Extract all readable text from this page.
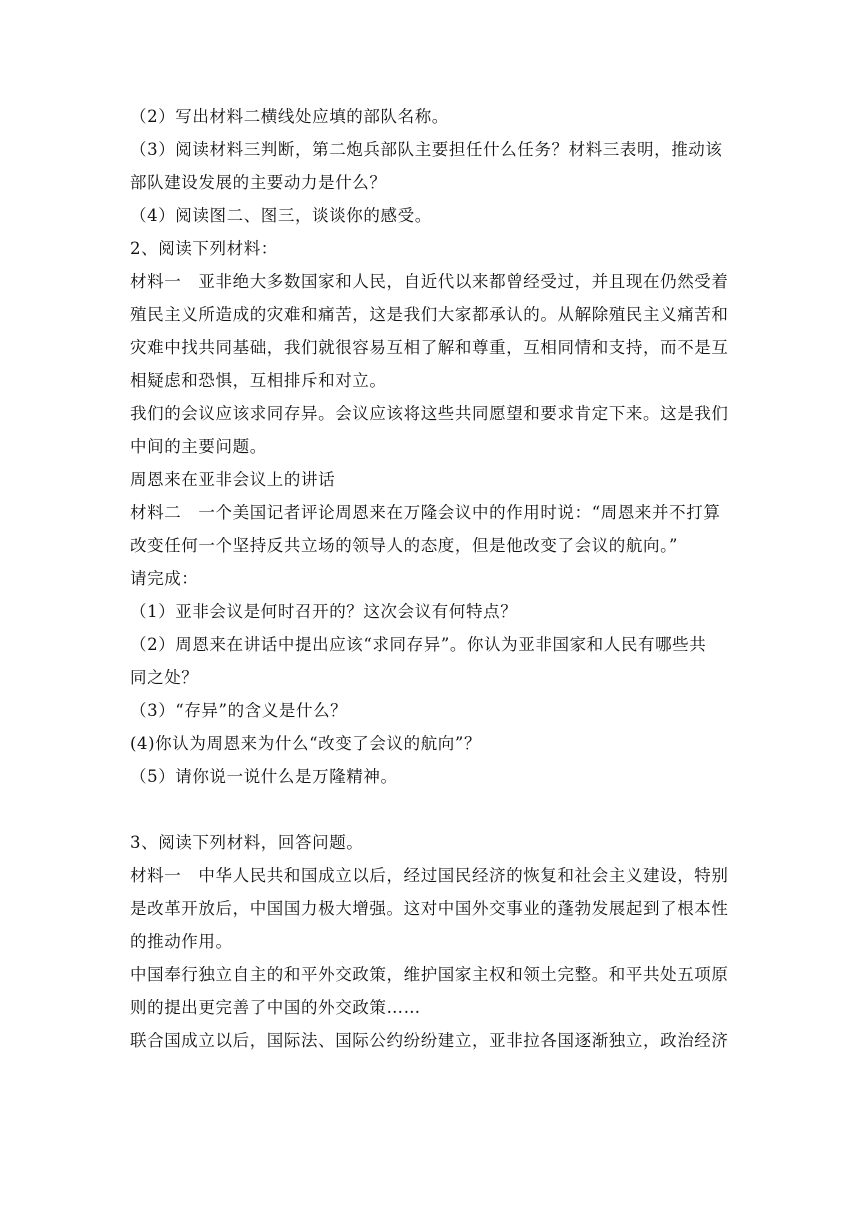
（2）写出材料二横线处应填的部队名称。
（3）阅读材料三判断，第二炮兵部队主要担任什么任务？材料三表明，推动该
部队建设发展的主要动力是什么？
（4）阅读图二、图三，谈谈你的感受。
2、阅读下列材料：
材料一　亚非绝大多数国家和人民，自近代以来都曾经受过，并且现在仍然受着
殖民主义所造成的灾难和痛苦，这是我们大家都承认的。从解除殖民主义痛苦和
灾难中找共同基础，我们就很容易互相了解和尊重，互相同情和支持，而不是互
相疑虑和恐惧，互相排斥和对立。
我们的会议应该求同存异。会议应该将这些共同愿望和要求肯定下来。这是我们
中间的主要问题。
周恩来在亚非会议上的讲话
材料二　一个美国记者评论周恩来在万隆会议中的作用时说：“周恩来并不打算
改变任何一个坚持反共立场的领导人的态度，但是他改变了会议的航向。”
请完成：
（1）亚非会议是何时召开的？这次会议有何特点？
（2）周恩来在讲话中提出应该“求同存异”。你认为亚非国家和人民有哪些共
同之处？
（3）“存异”的含义是什么？
(4)你认为周恩来为什么“改变了会议的航向”？
（5）请你说一说什么是万隆精神。
3、阅读下列材料，回答问题。
材料一　中华人民共和国成立以后，经过国民经济的恢复和社会主义建设，特别
是改革开放后，中国国力极大增强。这对中国外交事业的蓬勃发展起到了根本性
的推动作用。
中国奉行独立自主的和平外交政策，维护国家主权和领土完整。和平共处五项原
则的提出更完善了中国的外交政策……
联合国成立以后，国际法、国际公约纷纷建立，亚非拉各国逐渐独立，政治经济
